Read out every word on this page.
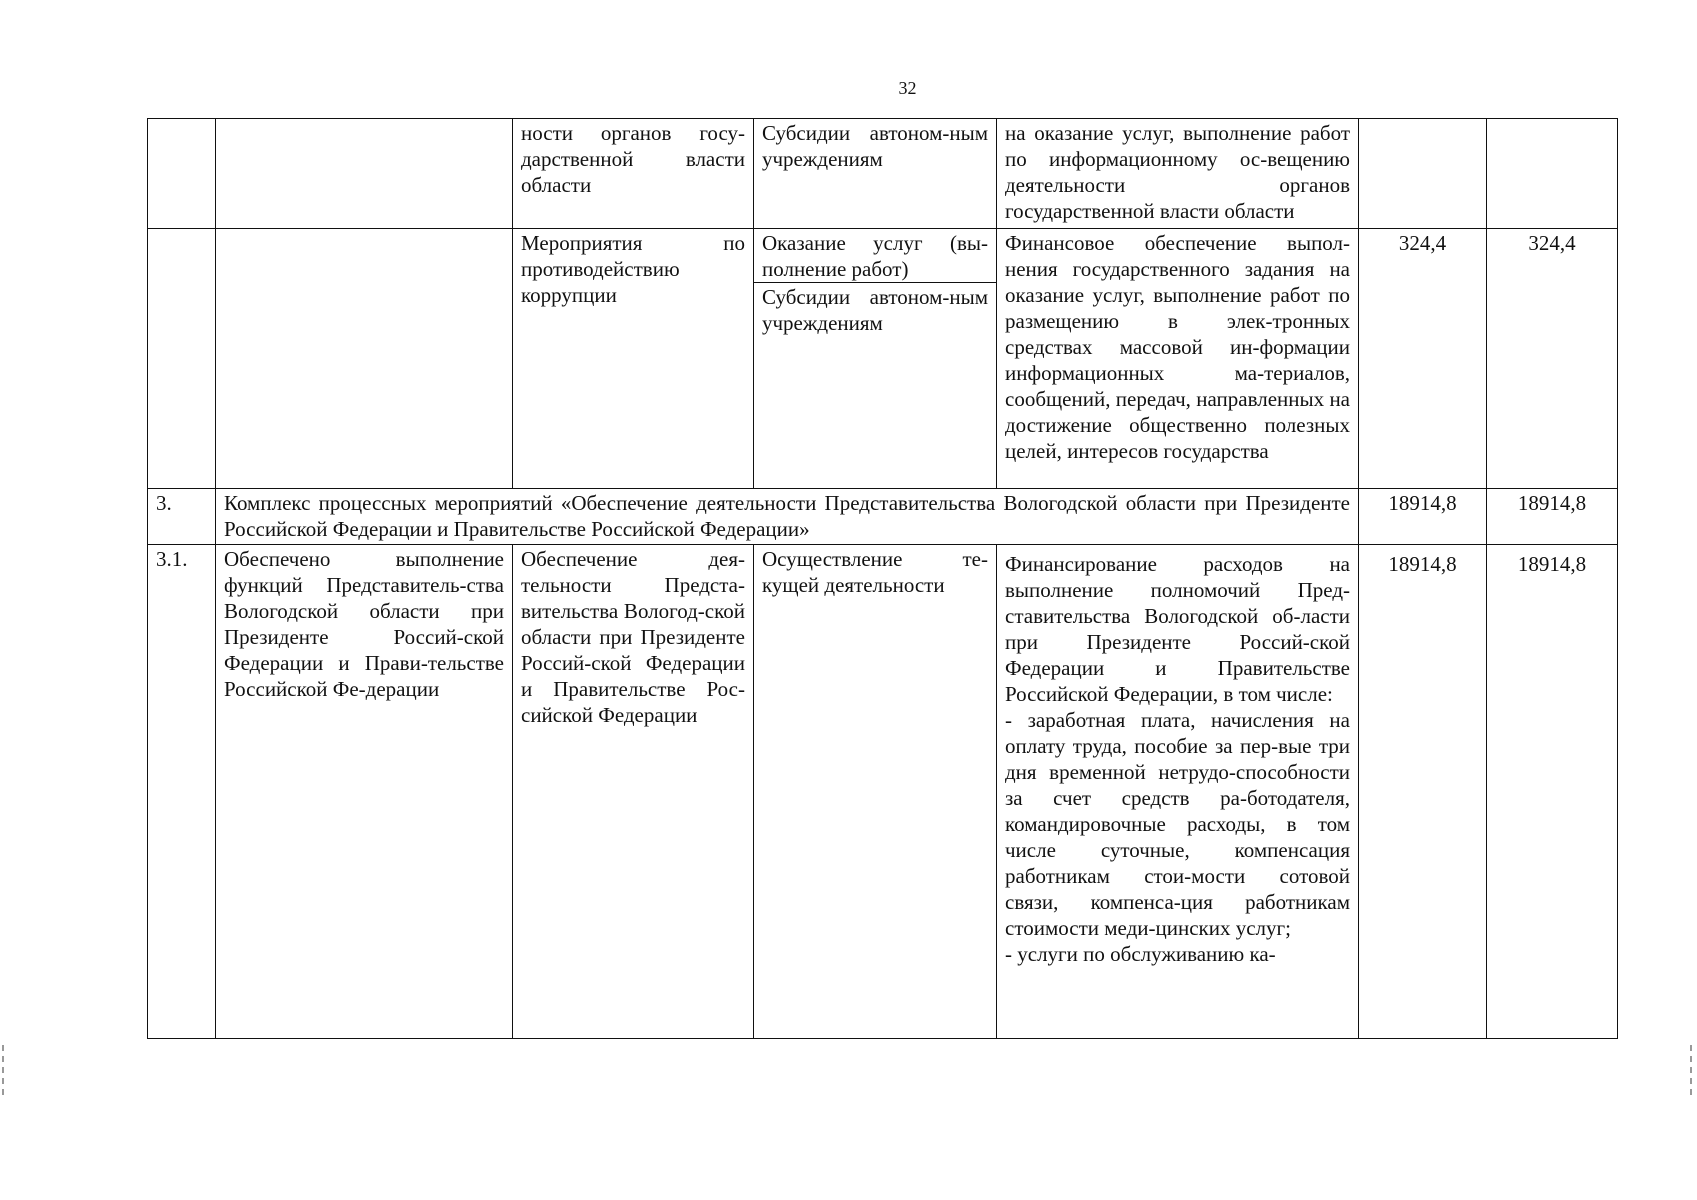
32
		ности органов госу-дарственной власти области	Субсидии автоном-ным учреждениям	на оказание услуг, выполнение работ по информационному ос-вещению деятельности органов государственной власти области		
		Мероприятия по противодействию коррупции	Оказание услуг (вы-полнение работ)	Финансовое обеспечение выпол-нения государственного задания на оказание услуг, выполнение работ по размещению в элек-тронных средствах массовой ин-формации информационных ма-териалов, сообщений, передач, направленных на достижение общественно полезных целей, интересов государства	324,4	324,4
			Субсидии автоном-ным учреждениям			
3.	Комплекс процессных мероприятий «Обеспечение деятельности Представительства Вологодской области при Президенте Российской Федерации и Правительстве Российской Федерации»				18914,8	18914,8
3.1.	Обеспечено выполнение функций Представитель-ства Вологодской области при Президенте Россий-ской Федерации и Прави-тельстве Российской Фе-дерации	Обеспечение дея-тельности Предста-вительства Вологод-ской области при Президенте Россий-ской Федерации и Правительстве Рос-сийской Федерации	Осуществление те-кущей деятельности	Финансирование расходов на выполнение полномочий Пред-ставительства Вологодской об-ласти при Президенте Россий-ской Федерации и Правительстве Российской Федерации, в том числе:
- заработная плата, начисления на оплату труда, пособие за пер-вые три дня временной нетрудо-способности за счет средств ра-ботодателя, командировочные расходы, в том числе суточные, компенсация работникам стои-мости сотовой связи, компенса-ция работникам стоимости меди-цинских услуг;
- услуги по обслуживанию ка-	18914,8	18914,8
